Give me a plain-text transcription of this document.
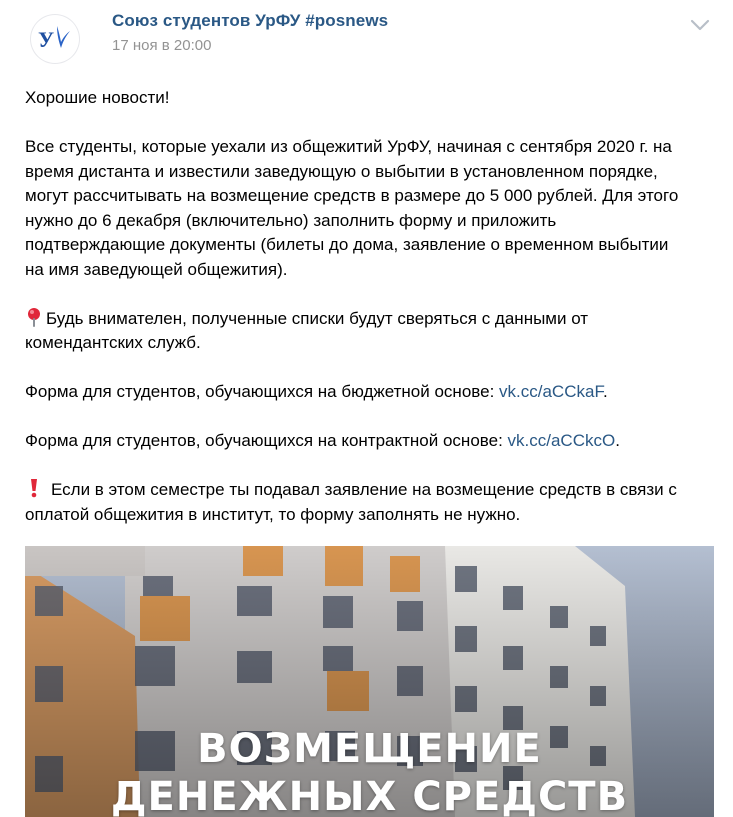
У
Союз студентов УрФУ #posnews
17 ноя в 20:00

Хорошие новости!

Все студенты, которые уехали из общежитий УрФУ, начиная с сентября 2020 г. на
время дистанта и известили заведующую о выбытии в установленном порядке,
могут рассчитывать на возмещение средств в размере до 5 000 рублей. Для этого
нужно до 6 декабря (включительно) заполнить форму и приложить
подтверждающие документы (билеты до дома, заявление о временном выбытии
на имя заведующей общежития).

Будь внимателен, полученные списки будут сверяться с данными от
комендантских служб.

Форма для студентов, обучающихся на бюджетной основе: vk.cc/aCCkaF.

Форма для студентов, обучающихся на контрактной основе: vk.cc/aCCkcO.

Если в этом семестре ты подавал заявление на возмещение средств в связи с
оплатой общежития в институт, то форму заполнять не нужно.

ВОЗМЕЩЕНИЕ
ДЕНЕЖНЫХ СРЕДСТВ
